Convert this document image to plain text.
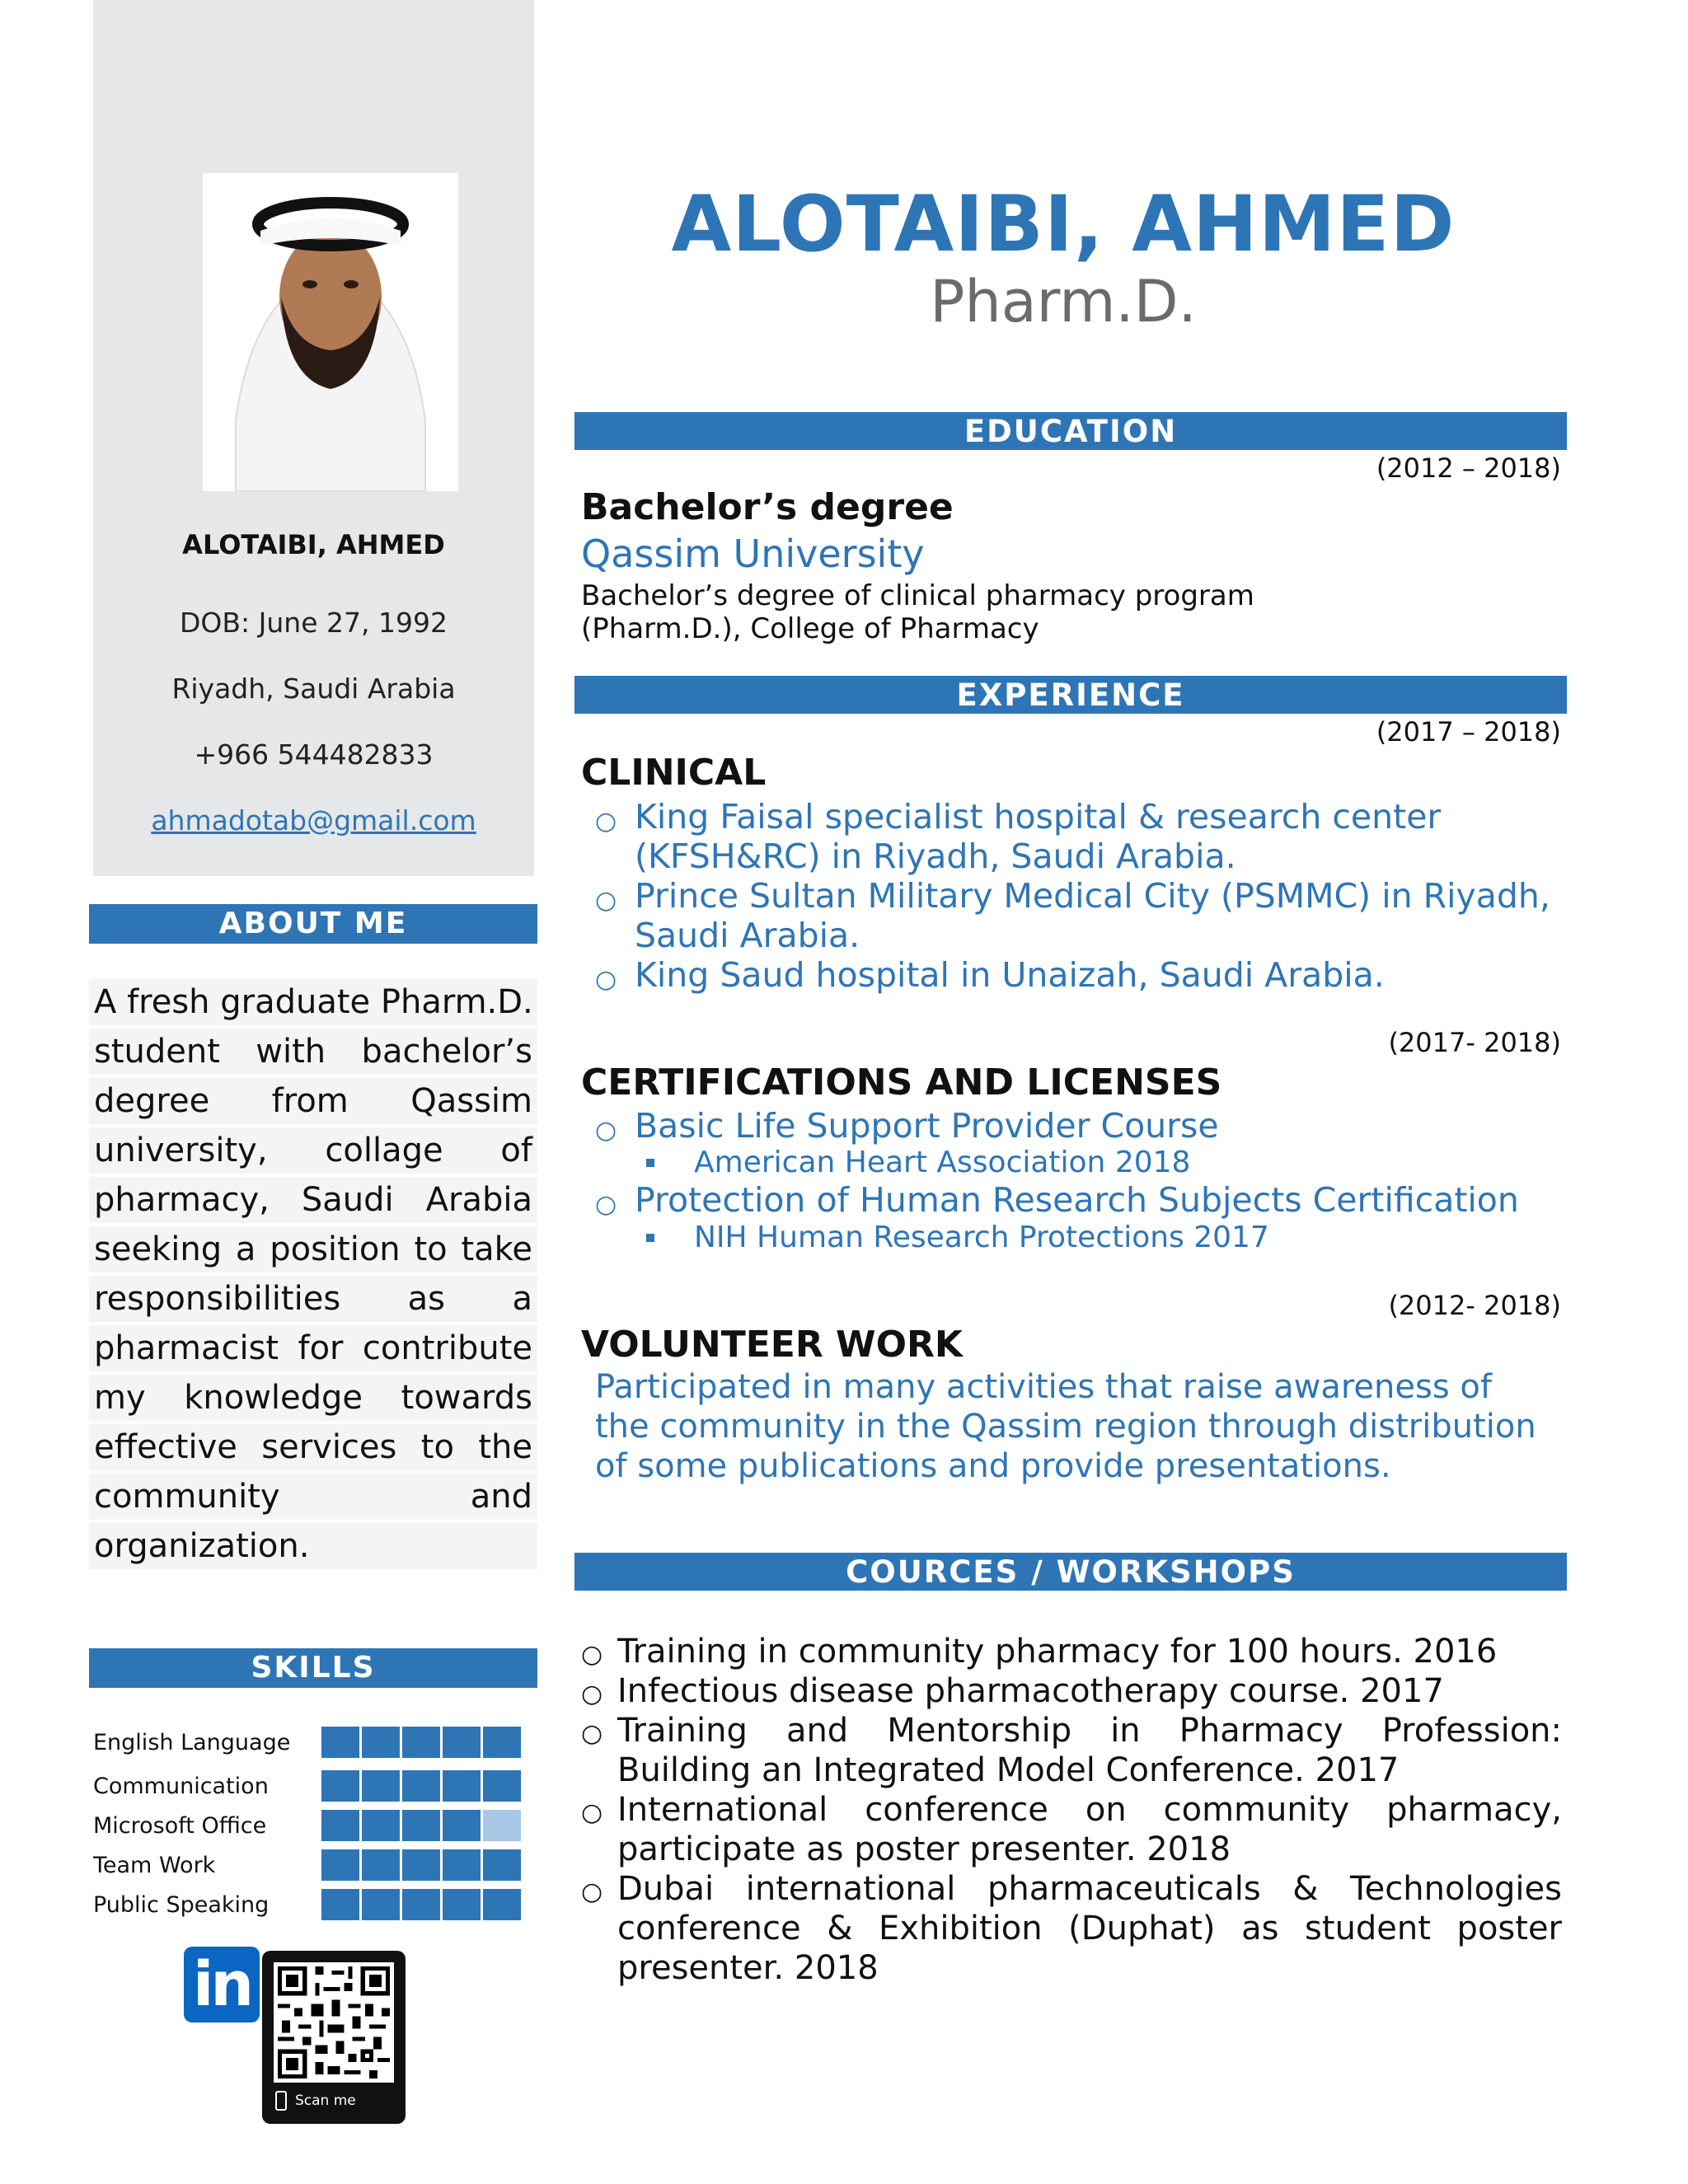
ALOTAIBI, AHMED
DOB: June 27, 1992
Riyadh, Saudi Arabia
+966 544482833
ahmadotab@gmail.com
ABOUT ME
A fresh graduate Pharm.D.
student with bachelor’s
degree from Qassim
university, collage of
pharmacy, Saudi Arabia
seeking a position to take
responsibilities as a
pharmacist for contribute
my knowledge towards
effective services to the
community and
organization.
SKILLS
English Language
Communication
Microsoft Office
Team Work
Public Speaking
in
Scan me
ALOTAIBI, AHMED
Pharm.D.
EDUCATION
(2012 – 2018)
Bachelor’s degree
Qassim University
Bachelor’s degree of clinical pharmacy program
(Pharm.D.), College of Pharmacy
EXPERIENCE
(2017 – 2018)
CLINICAL
○ King Faisal specialist hospital & research center
(KFSH&RC) in Riyadh, Saudi Arabia.
○ Prince Sultan Military Medical City (PSMMC) in Riyadh,
Saudi Arabia.
○ King Saud hospital in Unaizah, Saudi Arabia.
(2017- 2018)
CERTIFICATIONS AND LICENSES
○ Basic Life Support Provider Course
American Heart Association 2018
○ Protection of Human Research Subjects Certification
NIH Human Research Protections 2017
(2012- 2018)
VOLUNTEER WORK
Participated in many activities that raise awareness of
the community in the Qassim region through distribution
of some publications and provide presentations.
COURCES / WORKSHOPS
○ Training in community pharmacy for 100 hours. 2016
○ Infectious disease pharmacotherapy course. 2017
○ Training and Mentorship in Pharmacy Profession: Building an Integrated Model Conference. 2017
○ International conference on community pharmacy, participate as poster presenter. 2018
○ Dubai international pharmaceuticals & Technologies conference & Exhibition (Duphat) as student poster presenter. 2018
